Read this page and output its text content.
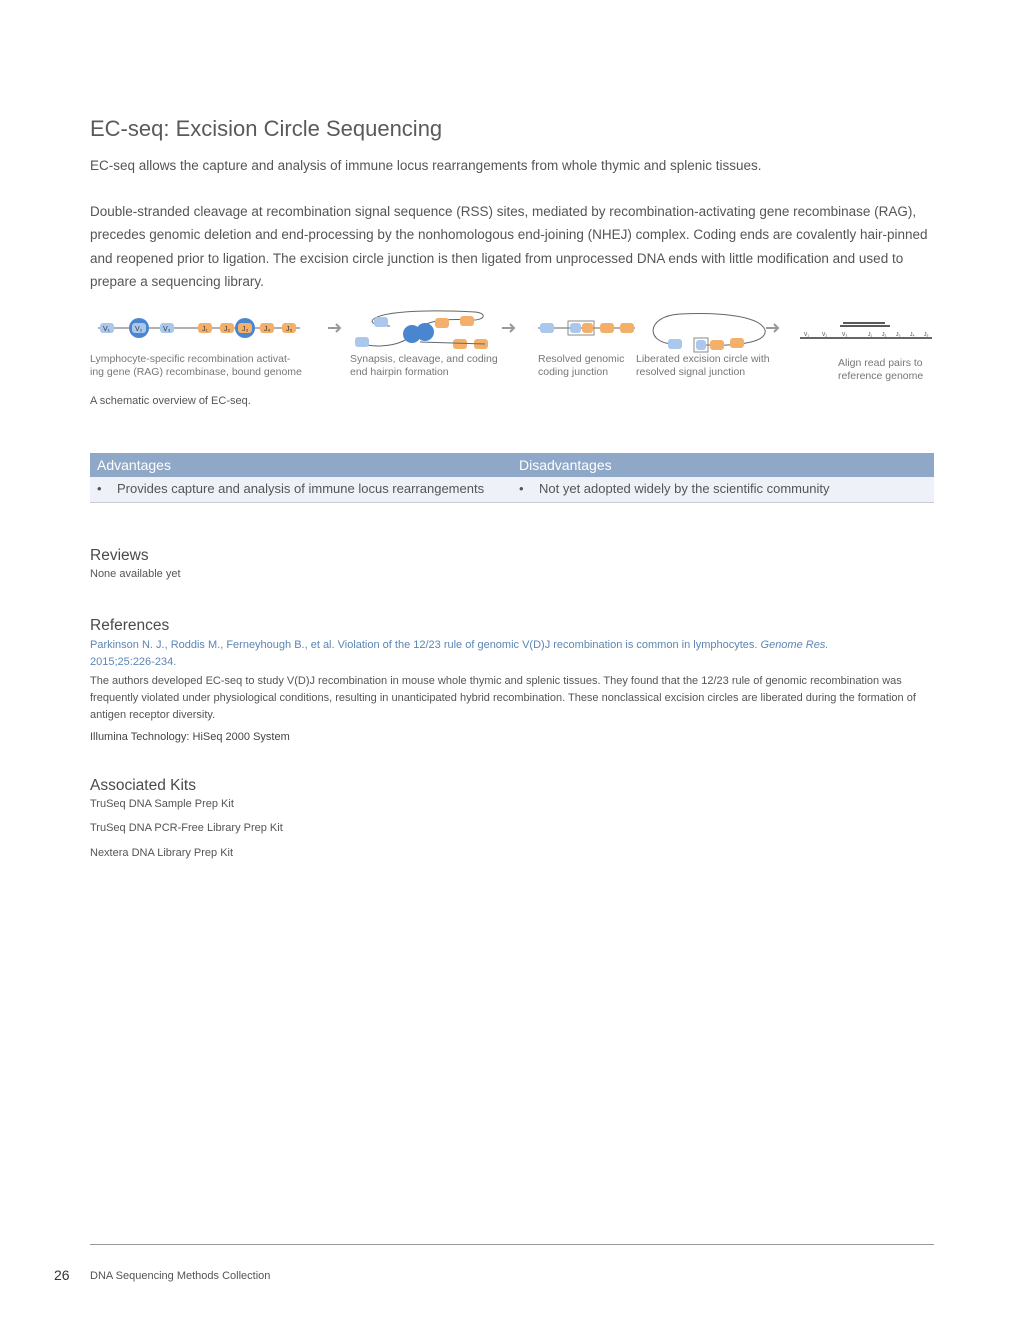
EC-seq: Excision Circle Sequencing

EC-seq allows the capture and analysis of immune locus rearrangements from whole thymic and splenic tissues.

Double-stranded cleavage at recombination signal sequence (RSS) sites, mediated by recombination-activating gene recombinase (RAG), precedes genomic deletion and end-processing by the nonhomologous end-joining (NHEJ) complex. Coding ends are covalently hair-pinned and reopened prior to ligation. The excision circle junction is then ligated from unprocessed DNA ends with little modification and used to prepare a sequencing library.

V₁	V₂	V₃	J₁ J₂ J₃ J₄ J₅
V₁	V₂	V₃	J₁ J₂ J₃ J₄ J₅
Lymphocyte-specific recombination activat-
ing gene (RAG) recombinase, bound genome
Synapsis, cleavage, and coding
end hairpin formation
Resolved genomic
coding junction
Liberated excision circle with
resolved signal junction
Align read pairs to
reference genome

A schematic overview of EC-seq.

Advantages	Disadvantages
• Provides capture and analysis of immune locus rearrangements	• Not yet adopted widely by the scientific community
Reviews

None available yet

References

Parkinson N. J., Roddis M., Ferneyhough B., et al. Violation of the 12/23 rule of genomic V(D)J recombination is common in lymphocytes. Genome Res.
2015;25:226-234.

The authors developed EC-seq to study V(D)J recombination in mouse whole thymic and splenic tissues. They found that the 12/23 rule of genomic recombination was frequently violated under physiological conditions, resulting in unanticipated hybrid recombination. These nonclassical excision circles are liberated during the formation of antigen receptor diversity.

Illumina Technology: HiSeq 2000 System

Associated Kits

TruSeq DNA Sample Prep Kit

TruSeq DNA PCR-Free Library Prep Kit

Nextera DNA Library Prep Kit

26 DNA Sequencing Methods Collection
